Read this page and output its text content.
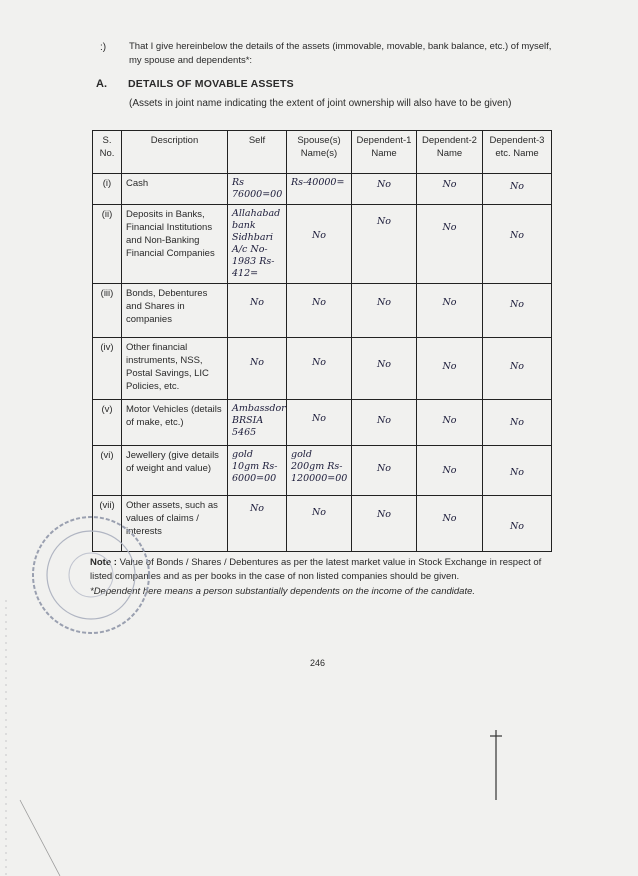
:) That I give hereinbelow the details of the assets (immovable, movable, bank balance, etc.) of myself, my spouse and dependents*:
A. DETAILS OF MOVABLE ASSETS
(Assets in joint name indicating the extent of joint ownership will also have to be given)
S. No.	Description	Self	Spouse(s) Name(s)	Dependent-1 Name	Dependent-2 Name	Dependent-3 etc. Name
(i)	Cash	Rs 76000=00	Rs-40000=	No	No	No

(ii)	Deposits in Banks, Financial Institutions and Non-Banking Financial Companies	Allahabad bank Sidhbari A/c No-1983 Rs-412=	No	No	No	No

(iii)	Bonds, Debentures and Shares in companies	No	No	No	No	No

(iv)	Other financial instruments, NSS, Postal Savings, LIC Policies, etc.	No	No	No	No	No

(v)	Motor Vehicles (details of make, etc.)	Ambassdor BRSIA 5465	No	No	No	No

(vi)	Jewellery (give details of weight and value)	gold 10gm Rs-6000=00	gold 200gm Rs-120000=00	No	No	No

(vii)	Other assets, such as values of claims / interests	No	No	No	No	No
Note : Value of Bonds / Shares / Debentures as per the latest market value in Stock Exchange in respect of listed companies and as per books in the case of non listed companies should be given.
*Dependent here means a person substantially dependents on the income of the candidate.
246
